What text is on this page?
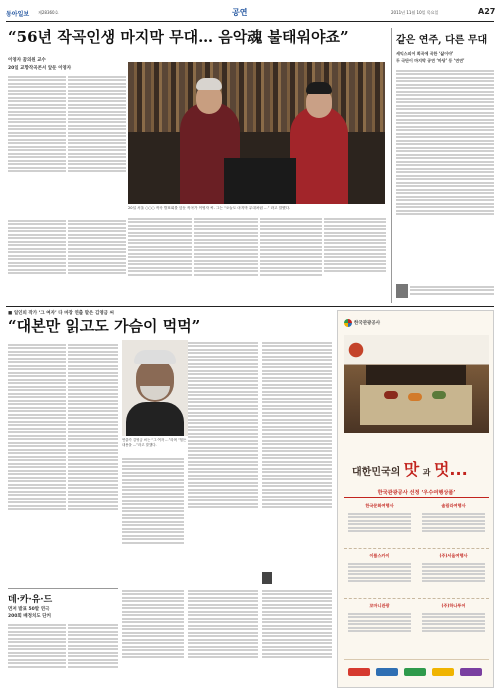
동아일보 제28360호	공연	2011년 11월 10일 목요일	A27
“56년 작곡인생 마지막 무대… 음악魂 불태워야죠”
이영자 꿈의원 교수
20일 교향작곡콘서 앞둔 이영자
20일 서울 ○○○ 작곡 발표회를 앞둔 작곡가 이영자 씨. 그는 “오늘도 마지막 무대처럼 …” 라고 말했다.
같은 연주, 다른 무대
세익스피어 희곡에 곡한 ‘삶이야’
두 극단이 마지막 공연 ‘마당’ 등 ‘연연’
■ 일인피 작가 ‘그 여자’ 다 마장 연출 말은 김영금 씨
“대본만 읽고도 가슴이 먹먹”
연출가 김영금 씨는 “그 여자 …”라며 “힘든 내용을 …”라고 말했다.
데·카·유·드
먼저 발표 50발 연극
200회 배정치도 단커
한국관광공사
대한민국의 맛 과 멋...
한국관광공사 선정 ‘우수여행상품’
한국문화여행사	솔림라여행사
이플스카이	(주)서울여행사
꼬마니관광	(주)하나투어
